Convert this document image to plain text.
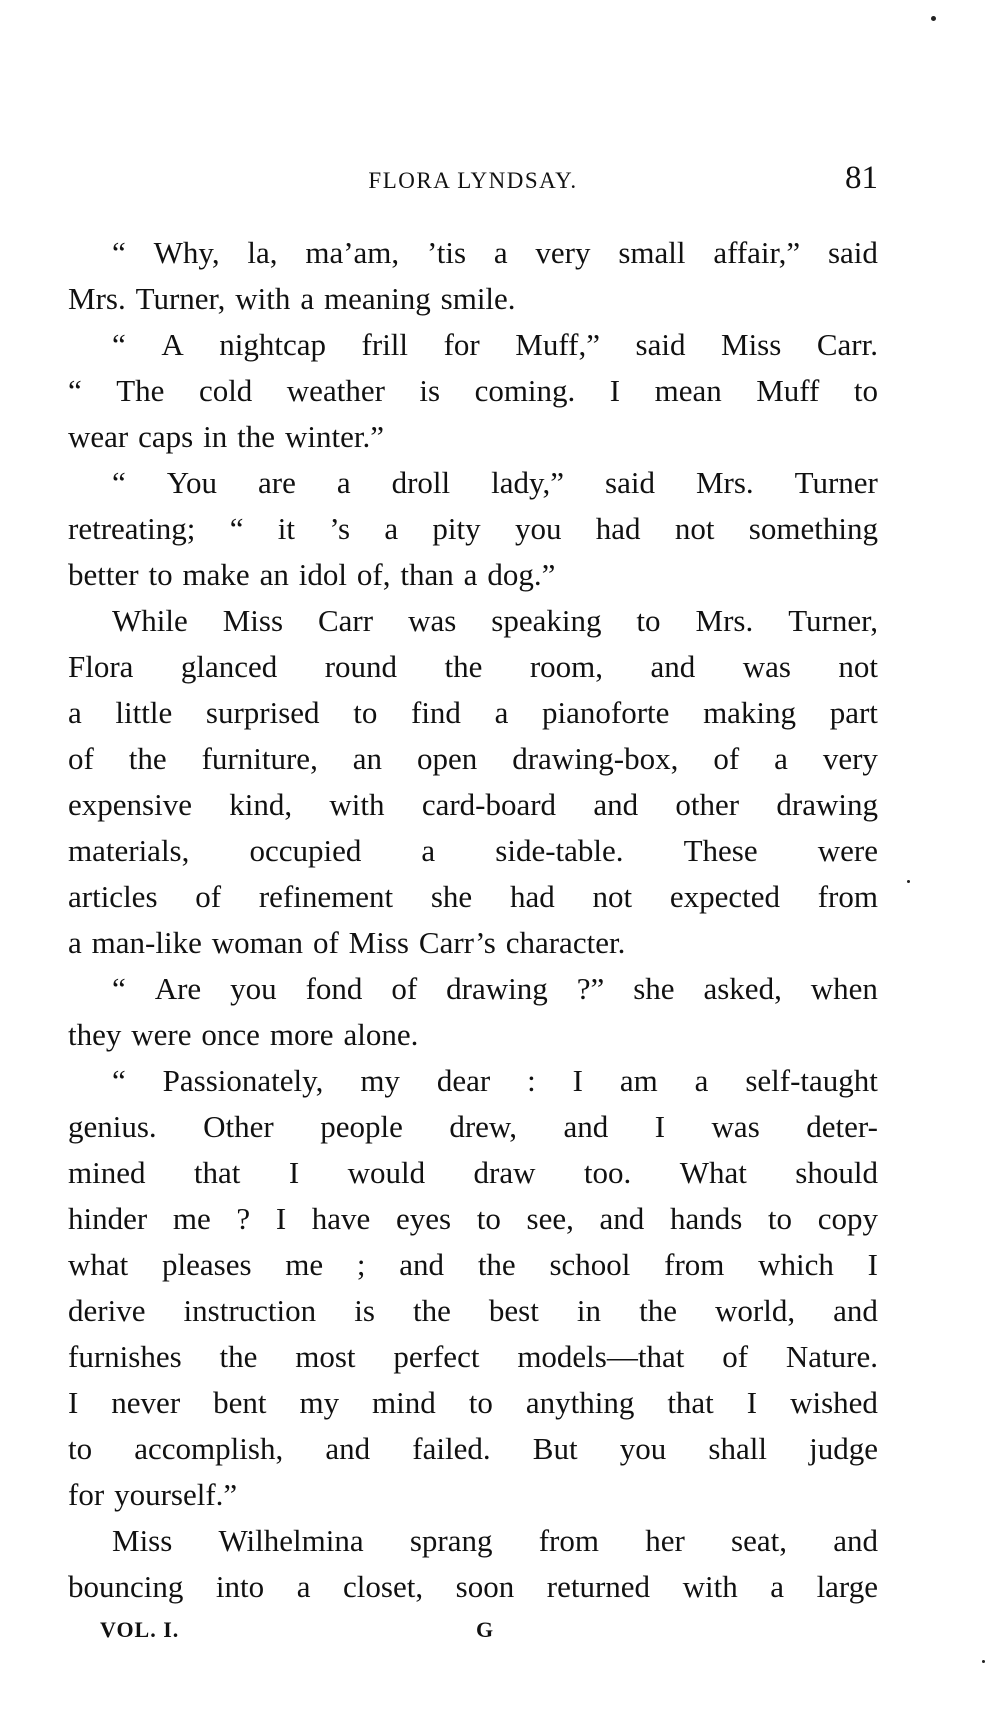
FLORA LYNDSAY.	81
“ Why, la, ma’am, ’tis a very small affair,” said
Mrs. Turner, with a meaning smile.
“ A nightcap frill for Muff,” said Miss Carr.
“ The cold weather is coming. I mean Muff to
wear caps in the winter.”
“ You are a droll lady,” said Mrs. Turner
retreating; “ it ’s a pity you had not something
better to make an idol of, than a dog.”
While Miss Carr was speaking to Mrs. Turner,
Flora glanced round the room, and was not
a little surprised to find a pianoforte making part
of the furniture, an open drawing-box, of a very
expensive kind, with card-board and other drawing
materials, occupied a side-table. These were
articles of refinement she had not expected from
a man-like woman of Miss Carr’s character.
“ Are you fond of drawing ?” she asked, when
they were once more alone.
“ Passionately, my dear : I am a self-taught
genius. Other people drew, and I was deter-
mined that I would draw too. What should
hinder me ? I have eyes to see, and hands to copy
what pleases me ; and the school from which I
derive instruction is the best in the world, and
furnishes the most perfect models—that of Nature.
I never bent my mind to anything that I wished
to accomplish, and failed. But you shall judge
for yourself.”
Miss Wilhelmina sprang from her seat, and
bouncing into a closet, soon returned with a large
VOL. I.	G
